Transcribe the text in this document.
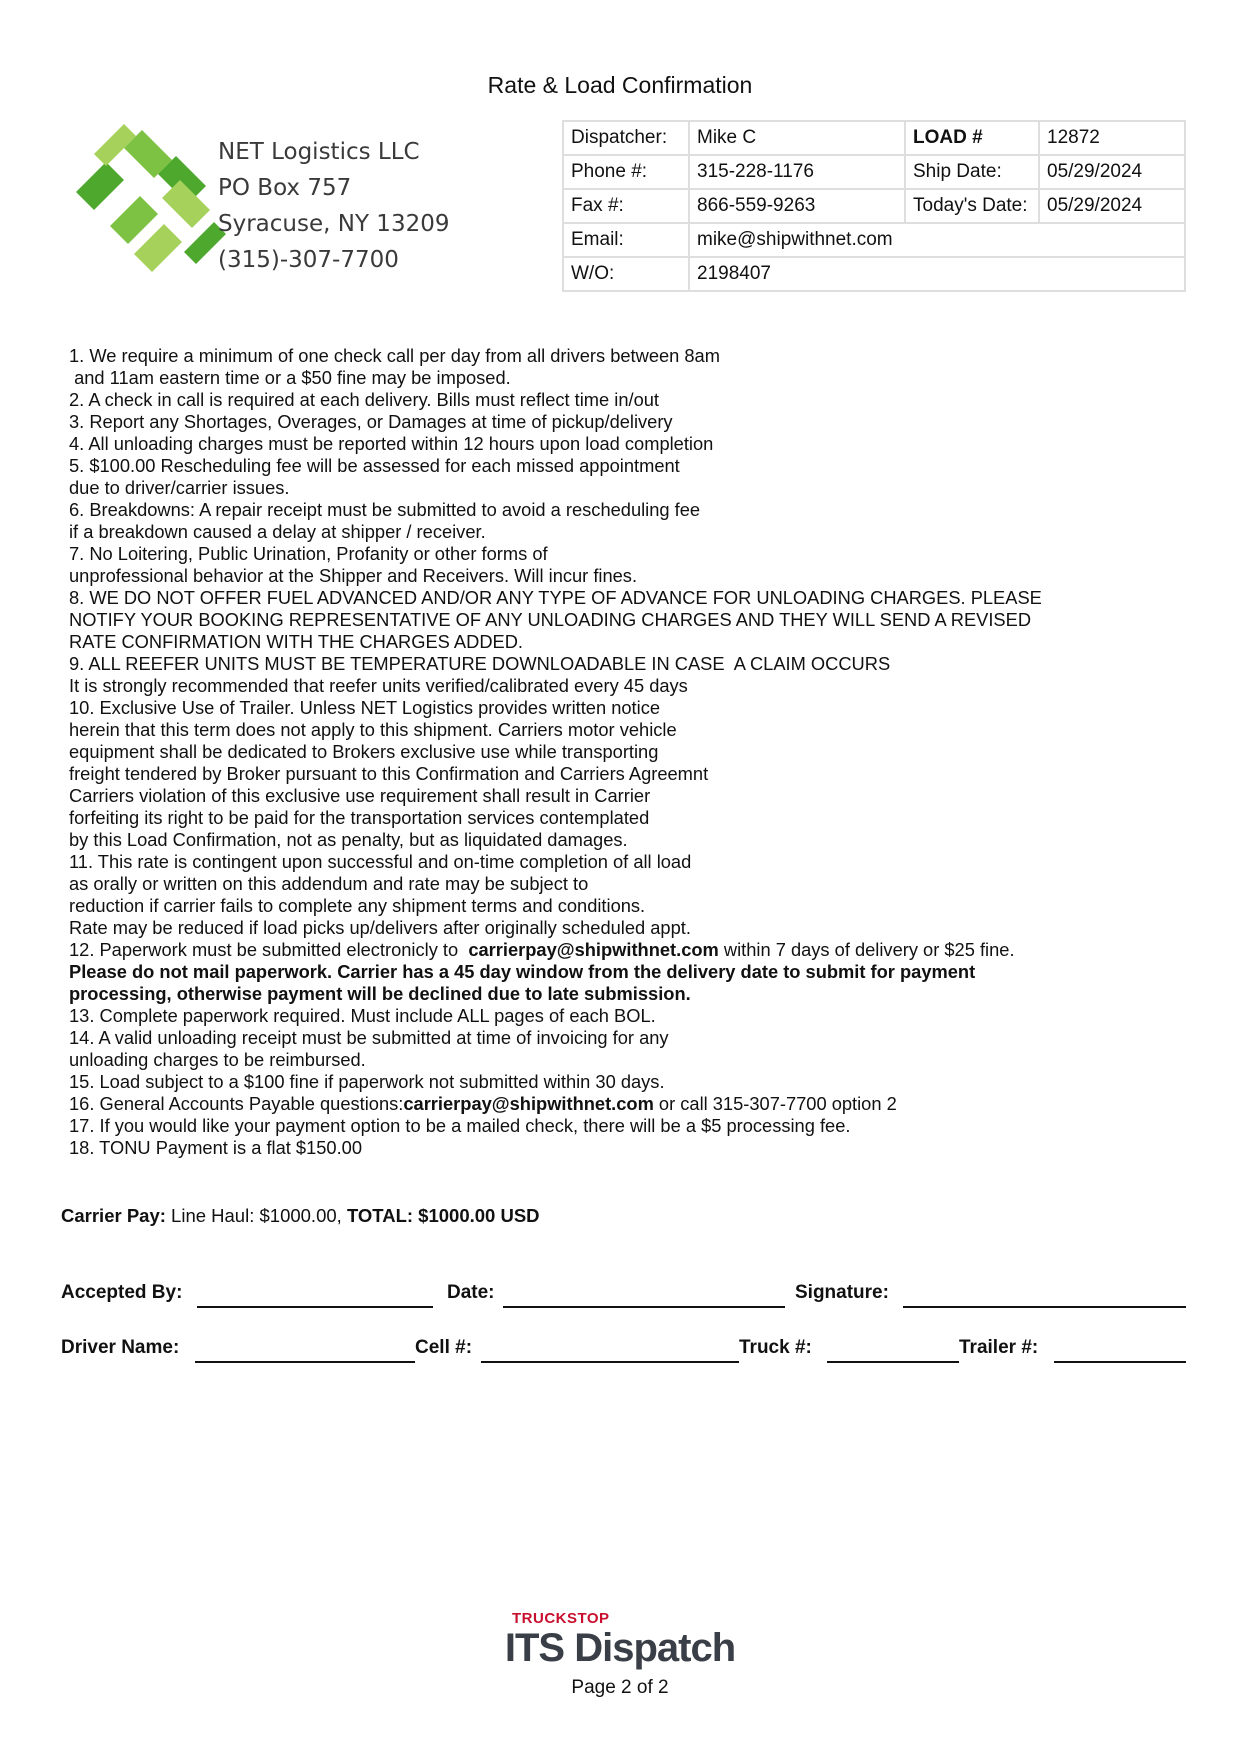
Rate & Load Confirmation
NET Logistics LLC
PO Box 757
Syracuse, NY 13209
(315)-307-7700
Dispatcher:	Mike C	LOAD #	12872
Phone #:	315-228-1176	Ship Date:	05/29/2024
Fax #:	866-559-9263	Today's Date:	05/29/2024
Email:	mike@shipwithnet.com		
W/O:	2198407		
1. We require a minimum of one check call per day from all drivers between 8am
and 11am eastern time or a $50 fine may be imposed.
2. A check in call is required at each delivery. Bills must reflect time in/out
3. Report any Shortages, Overages, or Damages at time of pickup/delivery
4. All unloading charges must be reported within 12 hours upon load completion
5. $100.00 Rescheduling fee will be assessed for each missed appointment
due to driver/carrier issues.
6. Breakdowns: A repair receipt must be submitted to avoid a rescheduling fee
if a breakdown caused a delay at shipper / receiver.
7. No Loitering, Public Urination, Profanity or other forms of
unprofessional behavior at the Shipper and Receivers. Will incur fines.
8. WE DO NOT OFFER FUEL ADVANCED AND/OR ANY TYPE OF ADVANCE FOR UNLOADING CHARGES. PLEASE
NOTIFY YOUR BOOKING REPRESENTATIVE OF ANY UNLOADING CHARGES AND THEY WILL SEND A REVISED
RATE CONFIRMATION WITH THE CHARGES ADDED.
9. ALL REEFER UNITS MUST BE TEMPERATURE DOWNLOADABLE IN CASE  A CLAIM OCCURS
It is strongly recommended that reefer units verified/calibrated every 45 days
10. Exclusive Use of Trailer. Unless NET Logistics provides written notice
herein that this term does not apply to this shipment. Carriers motor vehicle
equipment shall be dedicated to Brokers exclusive use while transporting
freight tendered by Broker pursuant to this Confirmation and Carriers Agreemnt
Carriers violation of this exclusive use requirement shall result in Carrier
forfeiting its right to be paid for the transportation services contemplated
by this Load Confirmation, not as penalty, but as liquidated damages.
11. This rate is contingent upon successful and on-time completion of all load
as orally or written on this addendum and rate may be subject to
reduction if carrier fails to complete any shipment terms and conditions.
Rate may be reduced if load picks up/delivers after originally scheduled appt.
12. Paperwork must be submitted electronicly to  carrierpay@shipwithnet.com within 7 days of delivery or $25 fine.
Please do not mail paperwork. Carrier has a 45 day window from the delivery date to submit for payment
processing, otherwise payment will be declined due to late submission.
13. Complete paperwork required. Must include ALL pages of each BOL.
14. A valid unloading receipt must be submitted at time of invoicing for any
unloading charges to be reimbursed.
15. Load subject to a $100 fine if paperwork not submitted within 30 days.
16. General Accounts Payable questions:carrierpay@shipwithnet.com or call 315-307-7700 option 2
17. If you would like your payment option to be a mailed check, there will be a $5 processing fee.
18. TONU Payment is a flat $150.00
Carrier Pay: Line Haul: $1000.00, TOTAL: $1000.00 USD
Accepted By:	Date:	Signature:
Driver Name:	Cell #:	Truck #:	Trailer #:
TRUCKSTOP
ITS Dispatch
Page 2 of 2
